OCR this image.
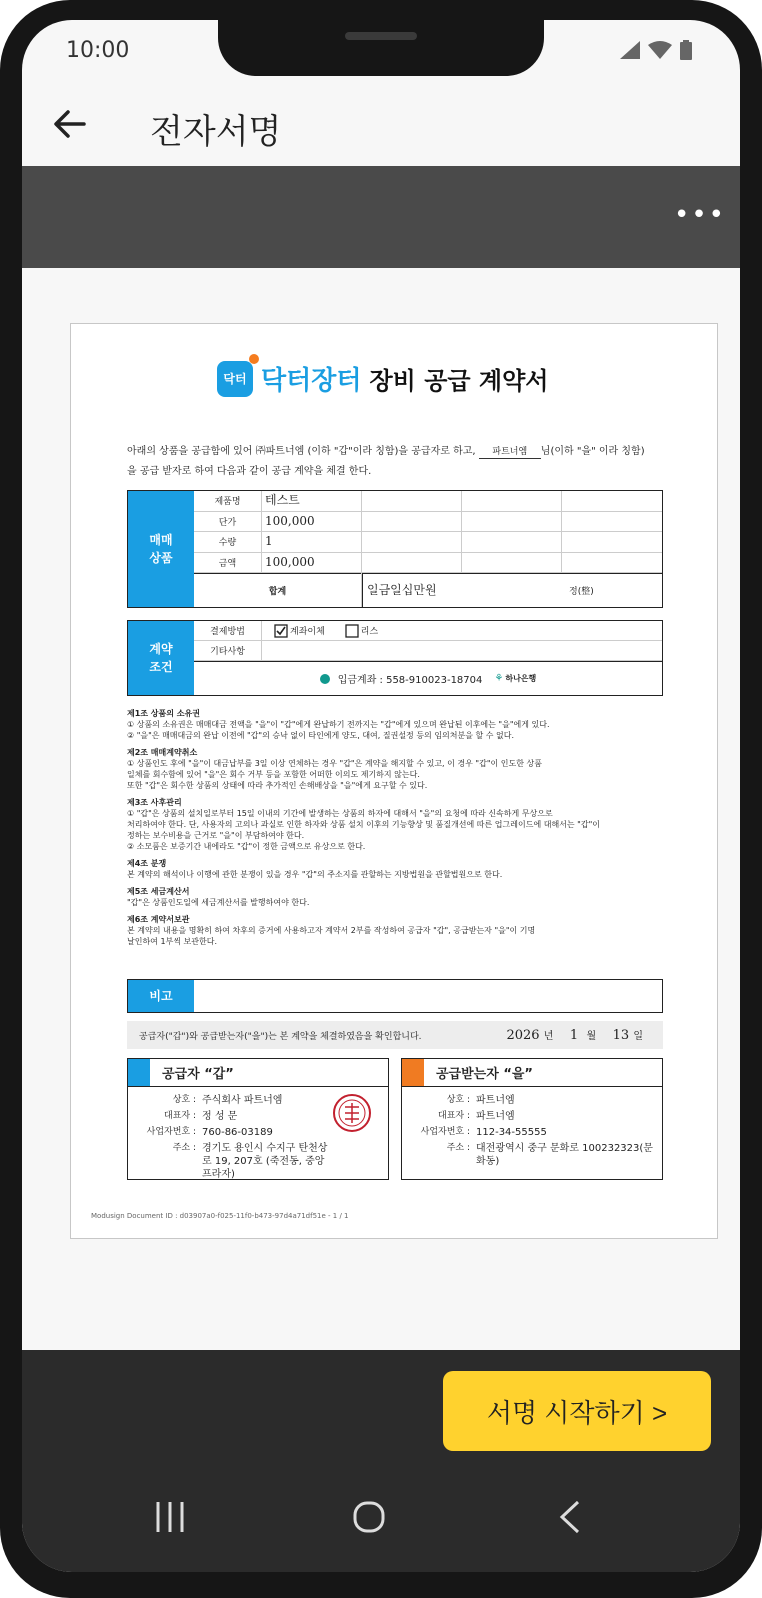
10:00
전자서명
•••
닥터 닥터장터 장비 공급 계약서
아래의 상품을 공급함에 있어 ㈜파트너엠 (이하 "갑"이라 칭함)을 공급자로 하고, 파트너엠 님(이하 "을" 이라 칭함)
을 공급 받자로 하여 다음과 같이 공급 계약을 체결 한다.
매매
상품
제품명	테스트
단가	100,000
수량	1
금액	100,000
합계	일금일십만원	정(整)
계약
조건
결제방법	계좌이체	리스
기타사항
입금계좌 : 558-910023-18704 ⚘ 하나은행
제1조 상품의 소유권
① 상품의 소유권은 매매대금 전액을 "을"이 "갑"에게 완납하기 전까지는 "갑"에게 있으며 완납된 이후에는 "을"에게 있다.
② "을"은 매매대금의 완납 이전에 "갑"의 승낙 없이 타인에게 양도, 대여, 질권설정 등의 임의처분을 할 수 없다.
제2조 매매계약취소
① 상품인도 후에 "을"이 대금납부를 3일 이상 연체하는 경우 "갑"은 계약을 해지할 수 있고, 이 경우 "갑"이 인도한 상품
일체를 회수함에 있어 "을"은 회수 거부 등을 포함한 어떠한 이의도 제기하지 않는다.
또한 "갑"은 회수한 상품의 상태에 따라 추가적인 손해배상을 "을"에게 요구할 수 있다.
제3조 사후관리
① "갑"은 상품의 설치일로부터 15일 이내의 기간에 발생하는 상품의 하자에 대해서 "을"의 요청에 따라 신속하게 무상으로
처리하여야 한다. 단, 사용자의 고의나 과실로 인한 하자와 상품 설치 이후의 기능향상 및 품질개선에 따른 업그레이드에 대해서는 "갑"이
정하는 보수비용을 근거로 "을"이 부담하여야 한다.
② 소모품은 보증기간 내에라도 "갑"이 정한 금액으로 유상으로 한다.
제4조 분쟁
본 계약의 해석이나 이행에 관한 분쟁이 있을 경우 "갑"의 주소지를 관할하는 지방법원을 관할법원으로 한다.
제5조 세금계산서
"갑"은 상품인도일에 세금계산서를 발행하여야 한다.
제6조 계약서보관
본 계약의 내용을 명확히 하여 차후의 증거에 사용하고자 계약서 2부를 작성하여 공급자 "갑", 공급받는자 "을"이 기명
날인하여 1부씩 보관한다.
비고
공급자("갑")와 공급받는자("을")는 본 계약을 체결하였음을 확인합니다.	2026 년 1 월 13 일
공급자 “갑”
상호 : 주식회사 파트너엠
대표자 : 정 성 문
사업자번호 : 760-86-03189
주소 : 경기도 용인시 수지구 탄천상로 19, 207호 (죽전동, 중앙프라자)
공급받는자 “을”
상호 : 파트너엠
대표자 : 파트너엠
사업자번호 : 112-34-55555
주소 : 대전광역시 중구 문화로 100232323(문화동)
Modusign Document ID : d03907a0-f025-11f0-b473-97d4a71df51e - 1 / 1
서명 시작하기 >
